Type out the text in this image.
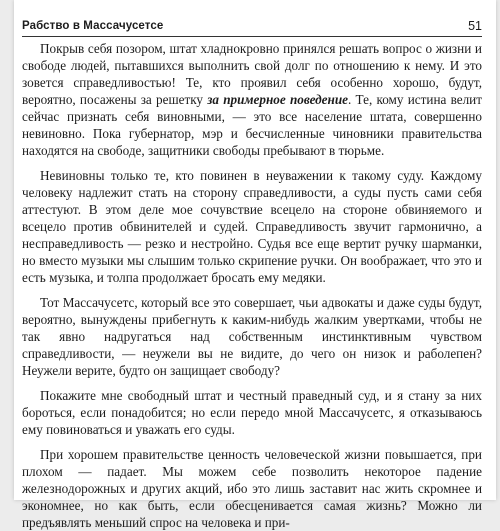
Рабство в Массачусетсе	51

Покрыв себя позором, штат хладнокровно принялся решать вопрос о жизни и свободе людей, пытавшихся выполнить свой долг по отношению к нему. И это зовется справедливостью! Те, кто проявил себя особенно хорошо, будут, вероятно, посажены за решетку за примерное поведение. Те, кому истина велит сейчас признать себя виновными, — это все население штата, совершенно невиновно. Пока губернатор, мэр и бесчисленные чиновники правительства находятся на свободе, защитники свободы пребывают в тюрьме.

Невиновны только те, кто повинен в неуважении к такому суду. Каждому человеку надлежит стать на сторону справедливости, а суды пусть сами себя аттестуют. В этом деле мое сочувствие всецело на стороне обвиняемого и всецело против обвинителей и судей. Справедливость звучит гармонично, а несправедливость — резко и нестройно. Судья все еще вертит ручку шарманки, но вместо музыки мы слышим только скрипение ручки. Он воображает, что это и есть музыка, и толпа продолжает бросать ему медяки.

Тот Массачусетс, который все это совершает, чьи адвокаты и даже суды будут, вероятно, вынуждены прибегнуть к каким-нибудь жалким увертками, чтобы не так явно надругаться над собственным инстинктивным чувством справедливости, — неужели вы не видите, до чего он низок и раболепен? Неужели верите, будто он защищает свободу?

Покажите мне свободный штат и честный праведный суд, и я стану за них бороться, если понадобится; но если передо мной Массачусетс, я отказываюсь ему повиноваться и уважать его суды.

При хорошем правительстве ценность человеческой жизни повышается, при плохом — падает. Мы можем себе позволить некоторое падение железнодорожных и других акций, ибо это лишь заставит нас жить скромнее и экономнее, но как быть, если обесценивается самая жизнь? Можно ли предъявлять меньший спрос на человека и при-
